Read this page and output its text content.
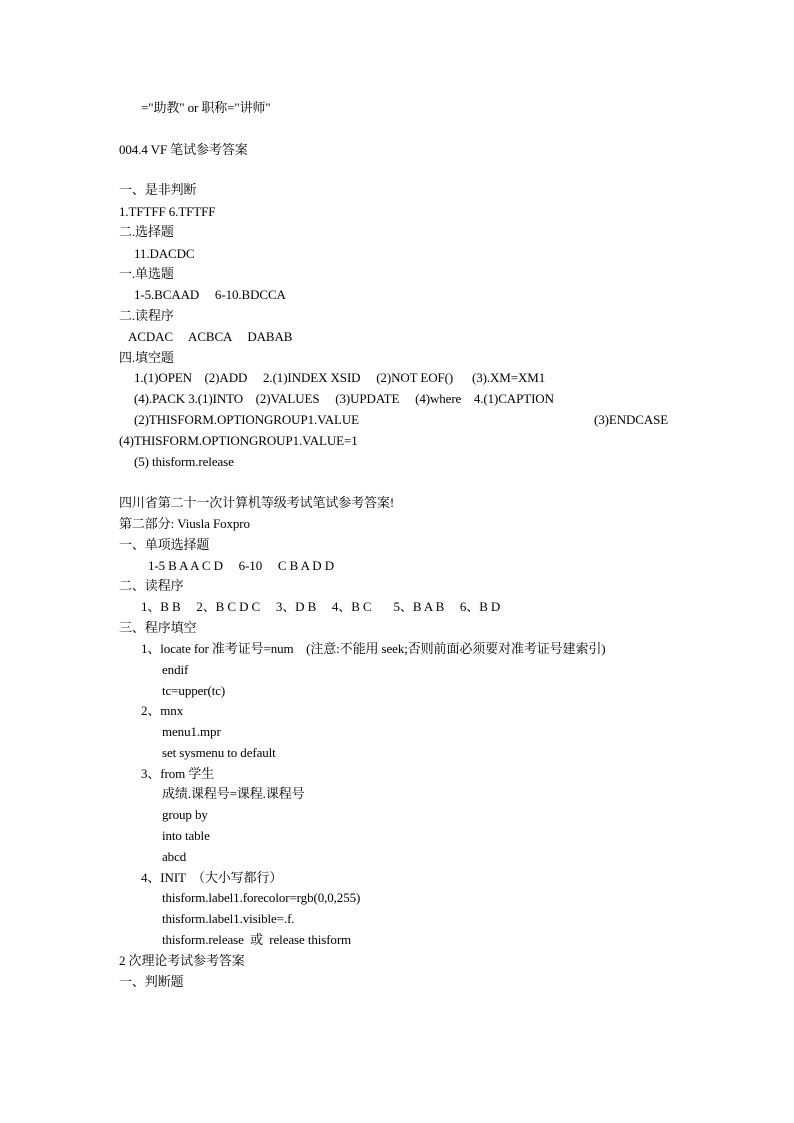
="助教" or 职称="讲师"
004.4 VF 笔试参考答案
一、是非判断
1.TFTFF 6.TFTFF
二.选择题
11.DACDC
一.单选题
1-5.BCAAD     6-10.BDCCA
二.读程序
ACDAC     ACBCA     DABAB
四.填空题
1.(1)OPEN    (2)ADD     2.(1)INDEX XSID     (2)NOT EOF()      (3).XM=XM1
(4).PACK 3.(1)INTO    (2)VALUES     (3)UPDATE     (4)where    4.(1)CAPTION
(2)THISFORM.OPTIONGROUP1.VALUE	(3)ENDCASE
(4)THISFORM.OPTIONGROUP1.VALUE=1
(5) thisform.release
四川省第二十一次计算机等级考试笔试参考答案!
第二部分: Viusla Foxpro
一、单项选择题
1-5 B A A C D     6-10     C B A D D
二、读程序
1、B B     2、B C D C     3、D B     4、B C       5、B A B     6、B D
三、程序填空
1、locate for 准考证号=num    (注意:不能用 seek;否则前面必须要对准考证号建索引)
endif
tc=upper(tc)
2、mnx
menu1.mpr
set sysmenu to default
3、from 学生
成绩.课程号=课程.课程号
group by
into table
abcd
4、INIT  （大小写都行）
thisform.label1.forecolor=rgb(0,0,255)
thisform.label1.visible=.f.
thisform.release  或  release thisform
2 次理论考试参考答案
一、判断题
